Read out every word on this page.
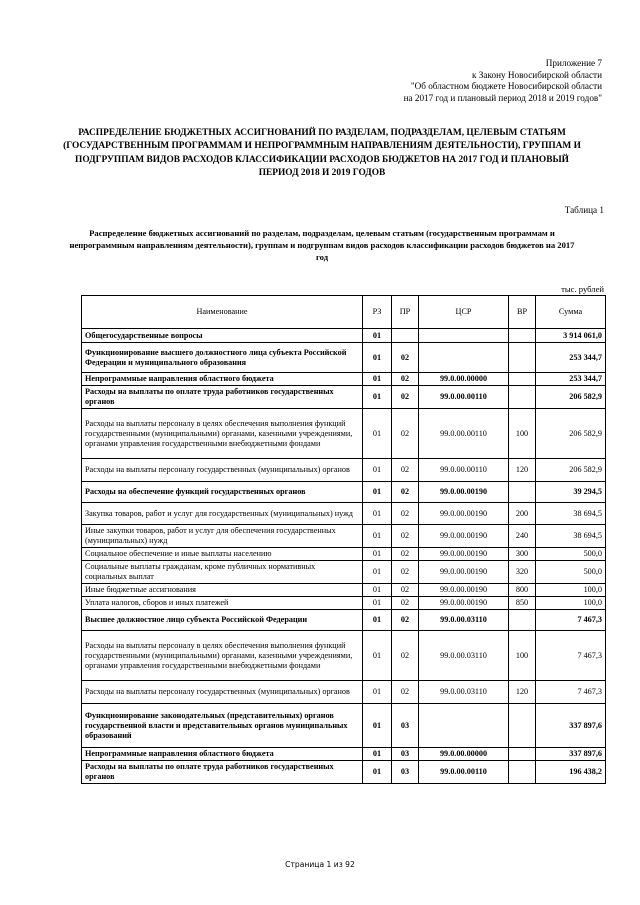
Приложение 7
к Закону Новосибирской области
"Об областном бюджете Новосибирской области
на 2017 год и плановый период 2018 и 2019 годов"
РАСПРЕДЕЛЕНИЕ БЮДЖЕТНЫХ АССИГНОВАНИЙ ПО РАЗДЕЛАМ, ПОДРАЗДЕЛАМ, ЦЕЛЕВЫМ СТАТЬЯМ (ГОСУДАРСТВЕННЫМ ПРОГРАММАМ И НЕПРОГРАММНЫМ НАПРАВЛЕНИЯМ ДЕЯТЕЛЬНОСТИ), ГРУППАМ И ПОДГРУППАМ ВИДОВ РАСХОДОВ КЛАССИФИКАЦИИ РАСХОДОВ БЮДЖЕТОВ НА 2017 ГОД И ПЛАНОВЫЙ ПЕРИОД 2018 И 2019 ГОДОВ
Таблица 1
Распределение бюджетных ассигнований по разделам, подразделам, целевым статьям (государственным программам и непрограммным направлениям деятельности), группам и подгруппам видов расходов классификации расходов бюджетов на 2017 год
тыс. рублей
Наименование	РЗ	ПР	ЦСР	ВР	Сумма
Общегосударственные вопросы	01				3 914 061,0
Функционирование высшего должностного лица субъекта Российской Федерации и муниципального образования	01	02			253 344,7
Непрограммные направления областного бюджета	01	02	99.0.00.00000		253 344,7
Расходы на выплаты по оплате труда работников государственных органов	01	02	99.0.00.00110		206 582,9
Расходы на выплаты персоналу в целях обеспечения выполнения функций государственными (муниципальными) органами, казенными учреждениями, органами управления государственными внебюджетными фондами	01	02	99.0.00.00110	100	206 582,9
Расходы на выплаты персоналу государственных (муниципальных) органов	01	02	99.0.00.00110	120	206 582,9
Расходы на обеспечение функций государственных органов	01	02	99.0.00.00190		39 294,5
Закупка товаров, работ и услуг для государственных (муниципальных) нужд	01	02	99.0.00.00190	200	38 694,5
Иные закупки товаров, работ и услуг для обеспечения государственных (муниципальных) нужд	01	02	99.0.00.00190	240	38 694,5
Социальное обеспечение и иные выплаты населению	01	02	99.0.00.00190	300	500,0
Социальные выплаты гражданам, кроме публичных нормативных социальных выплат	01	02	99.0.00.00190	320	500,0
Иные бюджетные ассигнования	01	02	99.0.00.00190	800	100,0
Уплата налогов, сборов и иных платежей	01	02	99.0.00.00190	850	100,0
Высшее должностное лицо субъекта Российской Федерации	01	02	99.0.00.03110		7 467,3
Расходы на выплаты персоналу в целях обеспечения выполнения функций государственными (муниципальными) органами, казенными учреждениями, органами управления государственными внебюджетными фондами	01	02	99.0.00.03110	100	7 467,3
Расходы на выплаты персоналу государственных (муниципальных) органов	01	02	99.0.00.03110	120	7 467,3
Функционирование законодательных (представительных) органов государственной власти и представительных органов муниципальных образований	01	03			337 897,6
Непрограммные направления областного бюджета	01	03	99.0.00.00000		337 897,6
Расходы на выплаты по оплате труда работников государственных органов	01	03	99.0.00.00110		196 438,2
Страница 1 из 92
